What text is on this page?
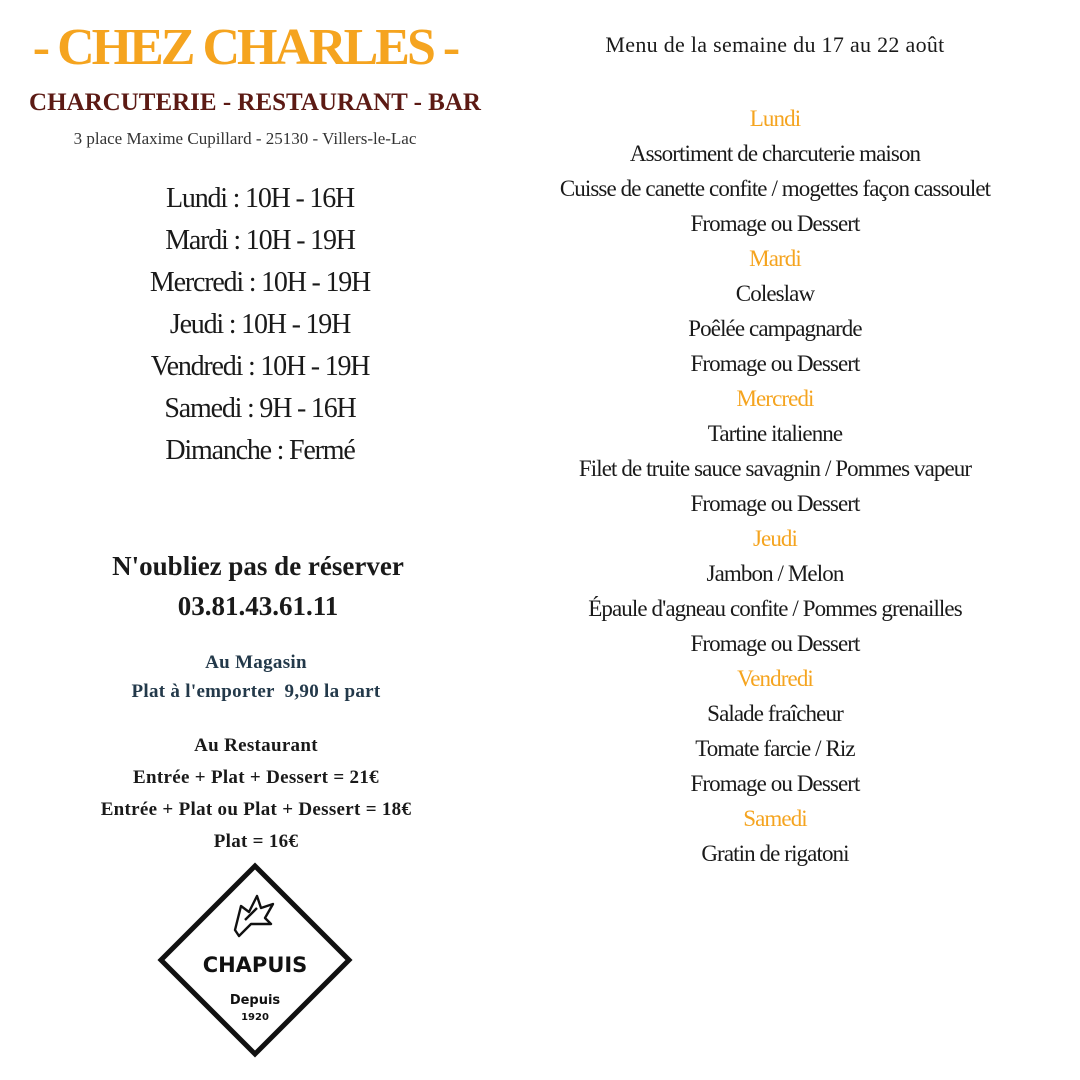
- CHEZ CHARLES -
CHARCUTERIE - RESTAURANT - BAR
3 place Maxime Cupillard - 25130 - Villers-le-Lac
Lundi : 10H - 16H
Mardi : 10H - 19H
Mercredi : 10H - 19H
Jeudi : 10H - 19H
Vendredi : 10H - 19H
Samedi : 9H - 16H
Dimanche : Fermé
N'oubliez pas de réserver
03.81.43.61.11
Au Magasin
Plat à l'emporter  9,90 la part
Au Restaurant
Entrée + Plat + Dessert = 21€
Entrée + Plat ou Plat + Dessert = 18€
Plat = 16€
CHAPUIS
Depuis
1920
Menu de la semaine du 17 au 22 août
Lundi
Assortiment de charcuterie maison
Cuisse de canette confite / mogettes façon cassoulet
Fromage ou Dessert
Mardi
Coleslaw
Poêlée campagnarde
Fromage ou Dessert
Mercredi
Tartine italienne
Filet de truite sauce savagnin / Pommes vapeur
Fromage ou Dessert
Jeudi
Jambon / Melon
Épaule d'agneau confite / Pommes grenailles
Fromage ou Dessert
Vendredi
Salade fraîcheur
Tomate farcie / Riz
Fromage ou Dessert
Samedi
Gratin de rigatoni
